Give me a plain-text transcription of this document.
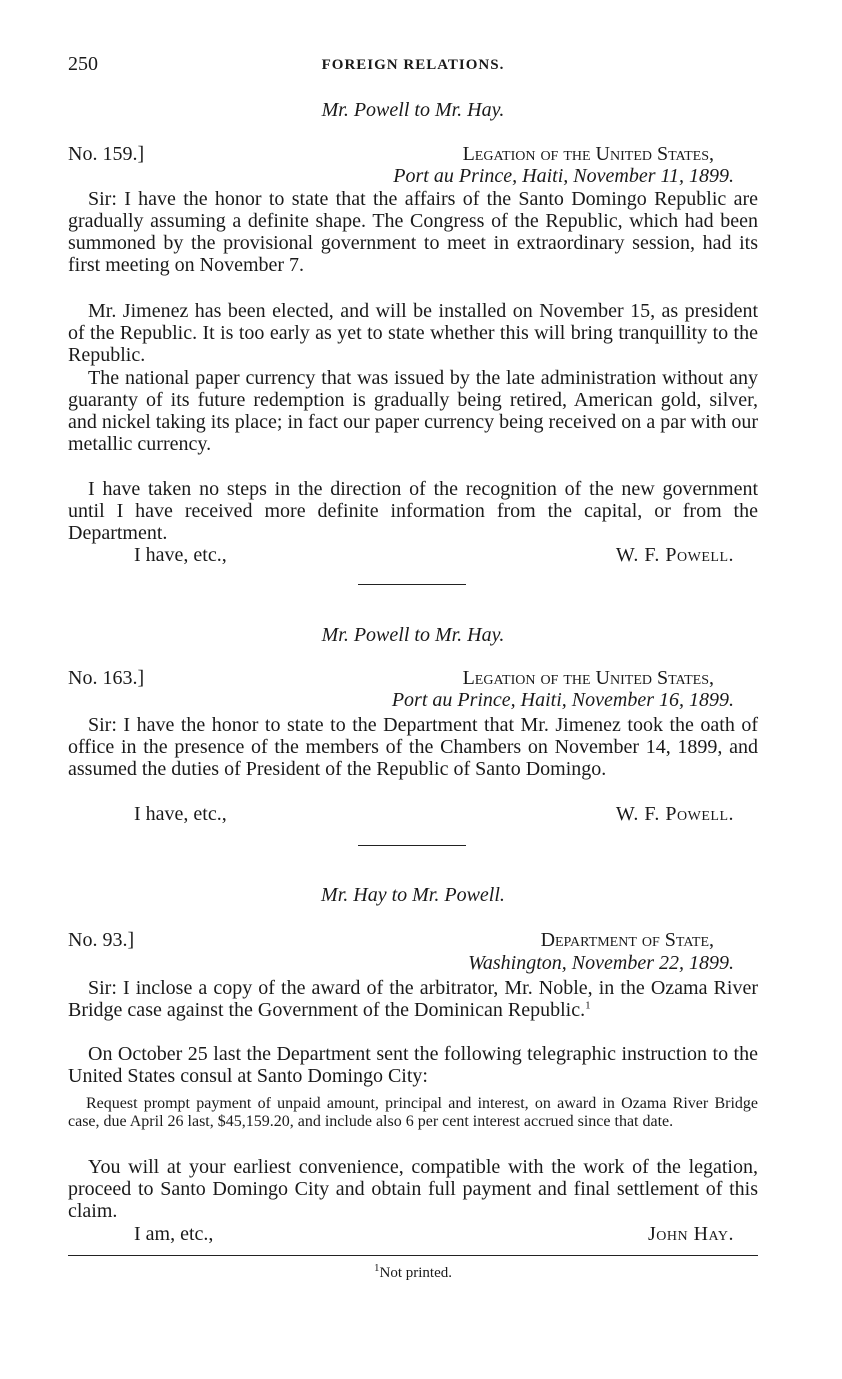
250	FOREIGN RELATIONS.
Mr. Powell to Mr. Hay.
No. 159.]	Legation of the United States,
Port au Prince, Haiti, November 11, 1899.
Sir: I have the honor to state that the affairs of the Santo Domingo Republic are gradually assuming a definite shape. The Congress of the Republic, which had been summoned by the provisional government to meet in extraordinary session, had its first meeting on November 7.
Mr. Jimenez has been elected, and will be installed on November 15, as president of the Republic. It is too early as yet to state whether this will bring tranquillity to the Republic.
The national paper currency that was issued by the late administration without any guaranty of its future redemption is gradually being retired, American gold, silver, and nickel taking its place; in fact our paper currency being received on a par with our metallic currency.
I have taken no steps in the direction of the recognition of the new government until I have received more definite information from the capital, or from the Department.
I have, etc.,	W. F. Powell.
Mr. Powell to Mr. Hay.
No. 163.]	Legation of the United States,
Port au Prince, Haiti, November 16, 1899.
Sir: I have the honor to state to the Department that Mr. Jimenez took the oath of office in the presence of the members of the Chambers on November 14, 1899, and assumed the duties of President of the Republic of Santo Domingo.
I have, etc.,	W. F. Powell.
Mr. Hay to Mr. Powell.
No. 93.]	Department of State,
Washington, November 22, 1899.
Sir: I inclose a copy of the award of the arbitrator, Mr. Noble, in the Ozama River Bridge case against the Government of the Dominican Republic.$^1$
On October 25 last the Department sent the following telegraphic instruction to the United States consul at Santo Domingo City:
Request prompt payment of unpaid amount, principal and interest, on award in Ozama River Bridge case, due April 26 last, $45,159.20, and include also 6 per cent interest accrued since that date.
You will at your earliest convenience, compatible with the work of the legation, proceed to Santo Domingo City and obtain full payment and final settlement of this claim.
I am, etc.,	John Hay.
$^1$Not printed.
